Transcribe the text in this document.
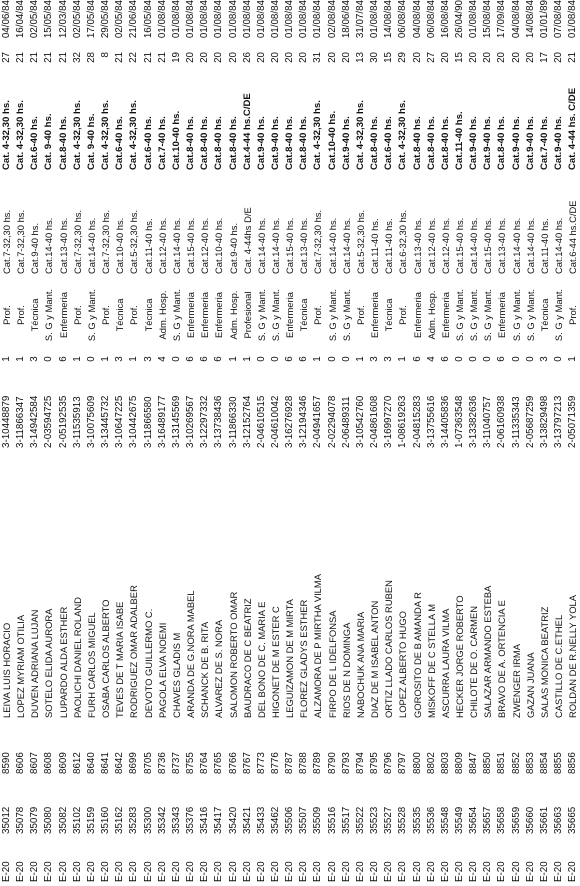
E-20
35012
8590
LEIVA LUIS HORACIO
3-10448879
1
Prof.
Cat.7-32,30 hs.
Cat. 4-32,30 hs.
27
04/06/84
E-20
35078
8606
LOPEZ MYRIAM OTILIA
3-11866347
1
Prof.
Cat.7-32,30 hs.
Cat. 4-32,30 hs.
21
16/04/84
E-20
35079
8607
DUVEN ADRIANA LUJAN
3-14942584
3
Técnica
Cat.9-40 hs.
Cat.6-40 hs.
21
02/05/84
E-20
35080
8608
SOTELO ELIDA AURORA
2-03594725
0
S. G y Mant.
Cat.14-40 hs.
Cat. 9-40 hs.
21
15/05/84
E-20
35082
8609
LUPARDO ALDA ESTHER
2-05192535
6
Enfermeria
Cat.13-40 hs.
Cat.8-40 hs.
21
12/03/84
E-20
35102
8612
PAOLICHI DANIEL ROLAND
3-11535913
1
Prof.
Cat.7-32,30 hs.
Cat. 4-32,30 hs.
32
02/05/84
E-20
35159
8640
FURH CARLOS MIGUEL
3-10075609
0
S. G y Mant.
Cat.14-40 hs.
Cat. 9-40 hs.
28
17/05/84
E-20
35160
8641
OSABA CARLOS ALBERTO
3-13445732
1
Prof.
Cat.7-32,30 hs.
Cat. 4-32,30 hs.
8
29/05/84
E-20
35162
8642
TEVES DE T MARIA ISABE
3-10647225
3
Técnica
Cat.10-40 hs.
Cat.6-40 hs.
21
02/05/84
E-20
35283
8699
RODRIGUEZ OMAR ADALBER
3-10442675
1
Prof.
Cat.5-32,30 hs.
Cat. 4-32,30 hs.
22
21/06/84
E-20
35300
8705
DEVOTO GUILLERMO C.
3-11866580
3
Técnica
Cat.11-40 hs.
Cat.6-40 hs.
21
16/05/84
E-20
35342
8736
PAGOLA ELVA NOEMI
3-16489177
4
Adm. Hosp.
Cat.12-40 hs.
Cat.7-40 hs.
21
01/08/84
E-20
35343
8737
CHAVES GLADIS M
3-13145569
0
S. G y Mant.
Cat.14-40 hs.
Cat.10-40 hs.
19
01/08/84
E-20
35376
8755
ARANDA DE G.NORA MABEL
3-10269567
6
Enfermeria
Cat.15-40 hs.
Cat.8-40 hs.
20
01/08/84
E-20
35416
8764
SCHANCK DE B. RITA
3-12297332
6
Enfermeria
Cat.12-40 hs.
Cat.8-40 hs.
20
01/08/84
E-20
35417
8765
ALVAREZ DE S. NORA
3-13738436
6
Enfermeria
Cat.10-40 hs.
Cat.8-40 hs.
20
01/08/84
E-20
35420
8766
SALOMON ROBERTO OMAR
3-11866330
1
Adm. Hosp.
Cat.9-40 hs.
Cat.8-40 hs.
20
01/08/84
E-20
35421
8767
BAUDRACO DE C BEATRIZ
3-12152764
1
Profesional
Cat. 4-44hs D/E
Cat.4-44 hs.C/DE
26
01/08/84
E-20
35433
8773
DEL BONO DE C. MARIA E
2-04610515
0
S. G y Mant.
Cat.14-40 hs.
Cat.9-40 hs.
20
01/08/84
E-20
35462
8776
HIGONET DE M ESTER C
2-04610042
0
S. G y Mant.
Cat.14-40 hs.
Cat.9-40 hs.
20
01/08/84
E-20
35506
8787
LEGUIZAMON DE M MIRTA
3-16276928
6
Enfermeria
Cat.15-40 hs.
Cat.8-40 hs.
20
01/08/84
E-20
35507
8788
FLOREZ GLADYS ESTHER
3-12194346
6
Técnica
Cat.13-40 hs.
Cat.8-40 hs.
20
01/08/84
E-20
35509
8789
ALZAMORA DE P MIRTHA VILMA
2-04941657
1
Prof.
Cat.7-32,30 hs.
Cat. 4-32,30 hs.
31
01/08/84
E-20
35516
8790
FIRPO DE L IDELFONSA
2-02294078
0
S. G y Mant.
Cat.14-40 hs.
Cat.10-40 hs.
20
02/08/84
E-20
35517
8793
RIOS DE N DOMINGA
2-06489311
0
S. G y Mant.
Cat.14-40 hs.
Cat.9-40 hs.
20
18/06/84
E-20
35522
8794
NABOCHUK ANA MARIA
3-10542760
1
Prof.
Cat.5-32,30 hs.
Cat. 4-32,30 hs.
13
31/07/84
E-20
35523
8795
DIAZ DE M ISABEL ANTON
2-04861608
3
Enfermeria
Cat.11-40 hs.
Cat.8-40 hs.
30
01/08/84
E-20
35527
8796
ORTIZ LLADO CARLOS RUBEN
3-16997270
3
Técnica
Cat.11-40 hs.
Cat.6-40 hs.
15
14/08/84
E-20
35528
8797
LOPEZ ALBERTO HUGO
1-08619263
1
Prof.
Cat.6-32,30 hs.
Cat. 4-32,30 hs.
29
06/08/84
E-20
35535
8800
GOROSITO DE B AMANDA R
2-04815283
6
Enfermeria
Cat.13-40 hs.
Cat.8-40 hs.
20
04/08/84
E-20
35536
8802
MISKOFF DE C STELLA M
3-13755616
4
Adm. Hosp.
Cat.12-40 hs.
Cat.8-40 hs.
27
06/08/84
E-20
35548
8803
ASCURRA LAURA VILMA
3-14405836
6
Enfermeria
Cat.12-40 hs.
Cat.8-40 hs.
20
16/08/84
E-20
35549
8809
HECKER JORGE ROBERTO
1-07363548
0
S. G y Mant.
Cat.15-40 hs.
Cat.11-40 hs.
15
26/04/90
E-20
35654
8847
CHILOTE DE O. CARMEN
3-13382636
0
S. G y Mant.
Cat.14-40 hs.
Cat.9-40 hs.
20
01/08/84
E-20
35657
8850
SALAZAR ARMANDO ESTEBA
3-11040757
0
S. G y Mant.
Cat.15-40 hs.
Cat.9-40 hs.
20
15/08/84
E-20
35658
8851
BRAVO DE A. ORTENCIA E
2-06160938
6
Enfermeria
Cat.13-40 hs.
Cat.8-40 hs.
20
17/09/84
E-20
35659
8852
ZWENGER IRMA
3-11335343
0
S. G y Mant.
Cat.14-40 hs.
Cat.9-40 hs.
20
04/08/84
E-20
35660
8853
GAZAN JUANA
2-05687259
0
S. G y Mant.
Cat.14-40 hs.
Cat.9-40 hs.
20
14/08/84
E-20
35661
8854
SALAS MONICA BEATRIZ
3-13829498
3
Técnica
Cat.11-40 hs.
Cat.7-40 hs.
17
01/01/89
E-20
35663
8855
CASTILLO DE C.ETHEL
3-13797213
0
S. G y Mant.
Cat.14-40 hs.
Cat.9-40 hs.
20
07/08/84
E-20
35665
8856
ROLDAN DE R.NELLY YOLA
2-05071359
1
Prof.
Cat.6-44 hs.C/DE
Cat. 4-44 hs. C/DE
21
01/08/84
